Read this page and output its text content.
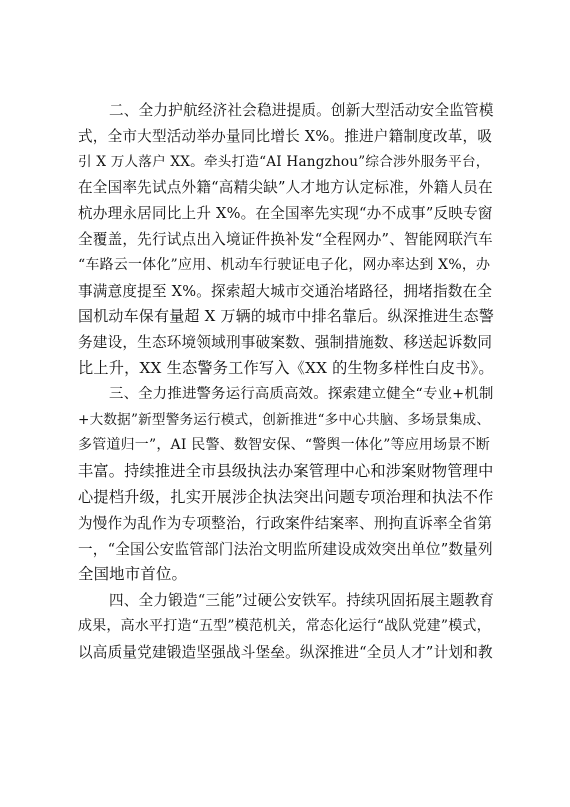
二、全力护航经济社会稳进提质。创新大型活动安全监管模
式，全市大型活动举办量同比增长 X%。推进户籍制度改革，吸
引 X 万人落户 XX。牵头打造“AI Hangzhou”综合涉外服务平台，
在全国率先试点外籍“高精尖缺”人才地方认定标准，外籍人员在
杭办理永居同比上升 X%。在全国率先实现“办不成事”反映专窗
全覆盖，先行试点出入境证件换补发“全程网办”、智能网联汽车
“车路云一体化”应用、机动车行驶证电子化，网办率达到 X%，办
事满意度提至 X%。探索超大城市交通治堵路径，拥堵指数在全
国机动车保有量超 X 万辆的城市中排名靠后。纵深推进生态警
务建设，生态环境领域刑事破案数、强制措施数、移送起诉数同
比上升，XX 生态警务工作写入《XX 的生物多样性白皮书》。

三、全力推进警务运行高质高效。探索建立健全“专业+机制
+大数据”新型警务运行模式，创新推进“多中心共脑、多场景集成、
多管道归一”，AI 民警、数智安保、“警舆一体化”等应用场景不断
丰富。持续推进全市县级执法办案管理中心和涉案财物管理中
心提档升级，扎实开展涉企执法突出问题专项治理和执法不作
为慢作为乱作为专项整治，行政案件结案率、刑拘直诉率全省第
一，“全国公安监管部门法治文明监所建设成效突出单位”数量列
全国地市首位。

四、全力锻造“三能”过硬公安铁军。持续巩固拓展主题教育
成果，高水平打造“五型”模范机关，常态化运行“战队党建”模式，
以高质量党建锻造坚强战斗堡垒。纵深推进“全员人才”计划和教
